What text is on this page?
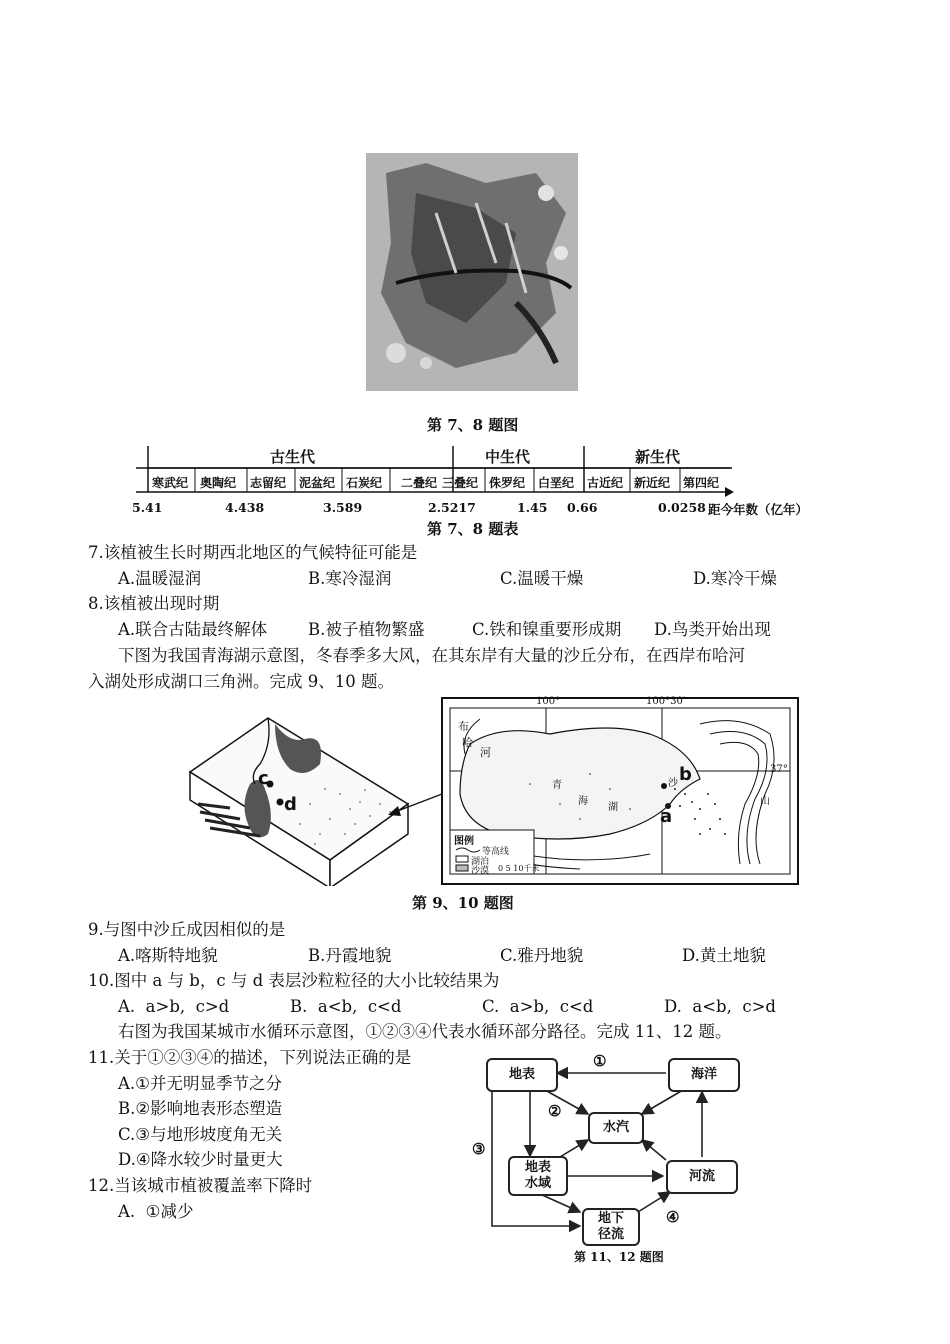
第 7、8 题图
古生代	中生代	新生代
寒武纪 奥陶纪 志留纪 泥盆纪 石炭纪 二叠纪 三叠纪 侏罗纪 白垩纪 古近纪 新近纪 第四纪
5.41	4.438	3.589	2.5217	1.45 0.66	0.0258 距今年数（亿年）
第 7、8 题表
7.该植被生长时期西北地区的气候特征可能是
A.温暖湿润	B.寒冷湿润	C.温暖干燥	D.寒冷干燥
8.该植被出现时期
A.联合古陆最终解体 B.被子植物繁盛	C.铁和镍重要形成期 D.鸟类开始出现
下图为我国青海湖示意图，冬春季多大风，在其东岸有大量的沙丘分布，在西岸布哈河
入湖处形成湖口三角洲。完成 9、10 题。
c
d
b
a
100°	100°30′
37°
布
哈
河
青
海
湖
沙
山
图例
等高线
湖泊
沙漠 0 5 10千米
第 9、10 题图
9.与图中沙丘成因相似的是
A.喀斯特地貌	B.丹霞地貌	C.雅丹地貌	D.黄土地貌
10.图中 a 与 b，c 与 d 表层沙粒粒径的大小比较结果为
A.  a>b,  c>d	B.  a<b,  c<d	C.  a>b,  c<d	D.  a<b,  c>d
右图为我国某城市水循环示意图，①②③④代表水循环部分路径。完成 11、12 题。
11.关于①②③④的描述，下列说法正确的是
A.①并无明显季节之分
B.②影响地表形态塑造
C.③与地形坡度角无关
D.④降水较少时量更大
12.当该城市植被覆盖率下降时
A.  ①减少
地表	海洋
水汽
地表
水域	河流
地下
径流
①
②
③
④
第 11、12 题图
